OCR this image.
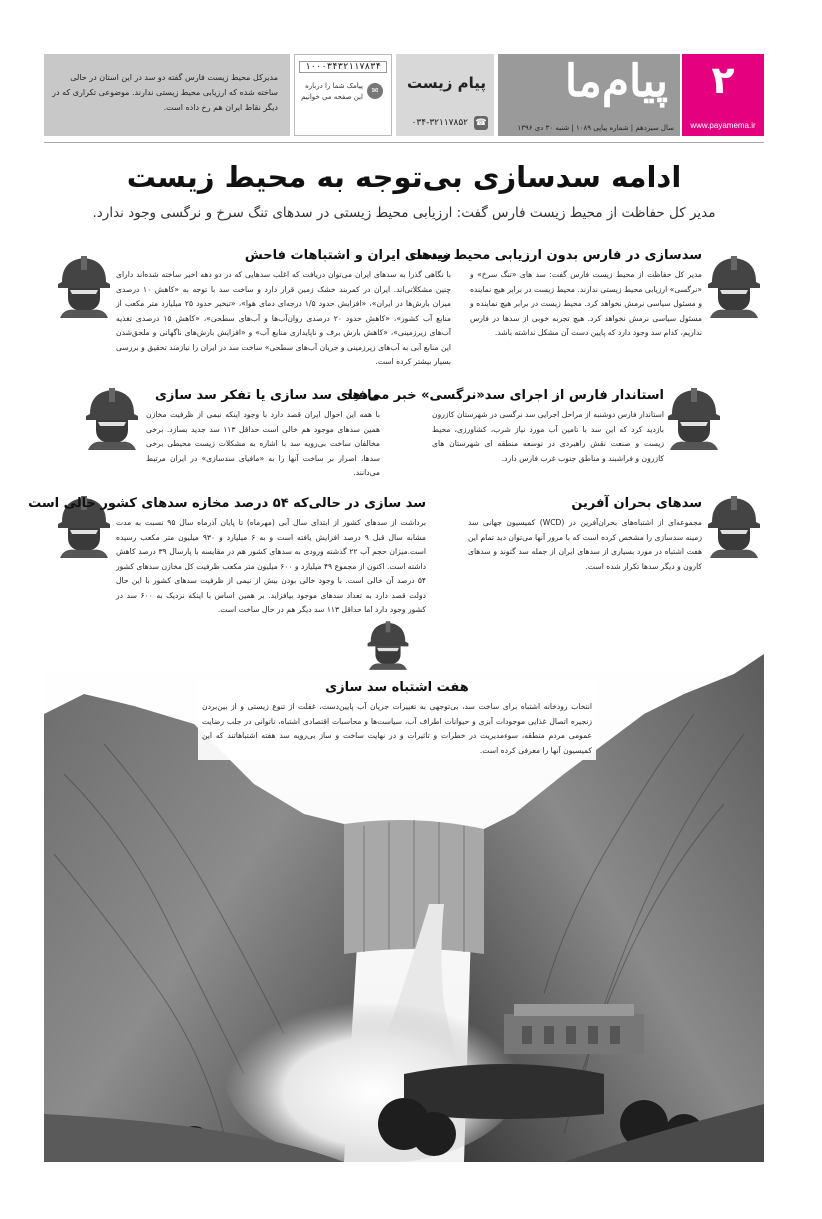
۲
www.payamema.ir
پیام‌ما
سال سیزدهم | شماره پیاپی ۱۰۸۹ | شنبه ۳۰ دی ۱۳۹۶
پیام زیست
☎
۰۳۴-۳۲۱۱۷۸۵۲
۱۰۰۰۳۴۳۲۱۱۷۸۳۴
✉
پیامک شما را درباره این صفحه می خوانیم

مدیرکل محیط زیست فارس گفته دو سد در این استان در حالی ساخته شده که ارزیابی محیط زیستی ندارند. موضوعی تکراری که در دیگر نقاط ایران هم رخ داده است.

ادامه سدسازی بی‌توجه به محیط زیست
مدیر کل حفاظت از محیط زیست فارس گفت: ارزیابی محیط زیستی در سدهای تنگ سرخ و نرگسی وجود ندارد.
سدسازی در فارس بدون ارزیابی محیط زیست

مدیر کل حفاظت از محیط زیست فارس گفت: سد های «تنگ سرخ» و «نرگسی» ارزیابی محیط زیستی ندارند. محیط زیست در برابر هیچ نماینده و مسئول سیاسی نرمش نخواهد کرد. محیط زیست در برابر هیچ نماینده و مسئول سیاسی نرمش نخواهد کرد. هیچ تجربه خوبی از سدها در فارس نداریم، کدام سد وجود دارد که پایین دست آن مشکل نداشته باشد.

سدهای ایران و اشتباهات فاحش

با نگاهی گذرا به سدهای ایران می‌توان دریافت که اغلب سدهایی که در دو دهه اخیر ساخته شده‌اند دارای چنین مشکلاتی‌اند. ایران در کمربند خشک زمین قرار دارد و ساخت سد با توجه به «کاهش ۱۰ درصدی میزان بارش‌ها در ایران»، «افزایش حدود ۱/۵ درجه‌ای دمای هوا»، «تبخیر حدود ۲۵ میلیارد متر مکعب از منابع آب کشور»، «کاهش حدود ۲۰ درصدی روان‌آب‌ها و آب‌های سطحی»، «کاهش ۱۵ درصدی تغذیه آب‌های زیرزمینی»، «کاهش بارش برف و ناپایداری منابع آب» و «افزایش بارش‌های ناگهانی و ملحق‌شدن این منابع آبی به آب‌های زیرزمینی و جریان آب‌های سطحی» ساخت سد در ایران را نیازمند تحقیق و بررسی بسیار بیشتر کرده است.

استاندار فارس از اجرای سد«نرگسی» خبر می‌دهد

استاندار فارس دوشنبه از مراحل اجرایی سد نرگسی در شهرستان کازرون بازدید کرد که این سد با تامین آب مورد نیاز شرب، کشاورزی، محیط زیست و صنعت نقش راهبردی در توسعه منطقه ای شهرستان های کازرون و فراشبند و مناطق جنوب غرب فارس دارد.

مافیای سد سازی یا تفکر سد سازی

با همه این احوال ایران قصد دارد با وجود اینکه نیمی از ظرفیت مخازن همین سدهای موجود هم خالی است حداقل ۱۱۳ سد جدید بسازد. برخی مخالفان ساخت بی‌رویه سد با اشاره به مشکلات زیست محیطی برخی سدها، اصرار بر ساخت آنها را به «مافیای سدسازی» در ایران مرتبط می‌دانند.

سدهای بحران آفرین

مجموعه‌ای از اشتباه‌های بحران‌آفرین در (WCD) کمیسیون جهانی سد زمینه سدسازی را مشخص کرده است که با مرور آنها می‌توان دید تمام این هفت اشتباه در مورد بسیاری از سدهای ایران از جمله سد گتوند و سدهای کارون و دیگر سدها تکرار شده است.

سد سازی در حالی‌که ۵۴ درصد مخازه سدهای کشور خالی است

برداشت از سدهای کشور از ابتدای سال آبی (مهرماه) تا پایان آذرماه سال ۹۵ نسبت به مدت مشابه سال قبل ۹ درصد افزایش یافته است و به ۶ میلیارد و ۹۳۰ میلیون متر مکعب رسیده است.میزان حجم آب ۲۲ گذشته ورودی به سدهای کشور هم در مقایسه با پارسال ۳۹ درصد کاهش داشته است. اکنون از مجموع ۴۹ میلیارد و ۶۰۰ میلیون متر مکعب ظرفیت کل مخازن سدهای کشور ۵۴ درصد آن خالی است. با وجود خالی بودن بیش از نیمی از ظرفیت سدهای کشور با این حال دولت قصد دارد به تعداد سدهای موجود بیافزاید. بر همین اساس با اینکه نزدیک به ۶۰۰ سد در کشور وجود دارد اما حداقل ۱۱۳ سد دیگر هم در حال ساخت است.

هفت اشتباه سد سازی

انتخاب رودخانه اشتباه برای ساخت سد، بی‌توجهی به تغییرات جریان آب پایین‌دست، غفلت از تنوع زیستی و از بین‌بردن زنجیره اتصال غذایی موجودات آبزی و حیوانات اطراف آب، سیاست‌ها و محاسبات اقتصادی اشتباه، ناتوانی در جلب رضایت عمومی مردم منطقه، سوءمدیریت در خطرات و تاثیرات و در نهایت ساخت و ساز بی‌رویه سد هفته اشتباهاتند که این کمیسیون آنها را معرفی کرده است.
